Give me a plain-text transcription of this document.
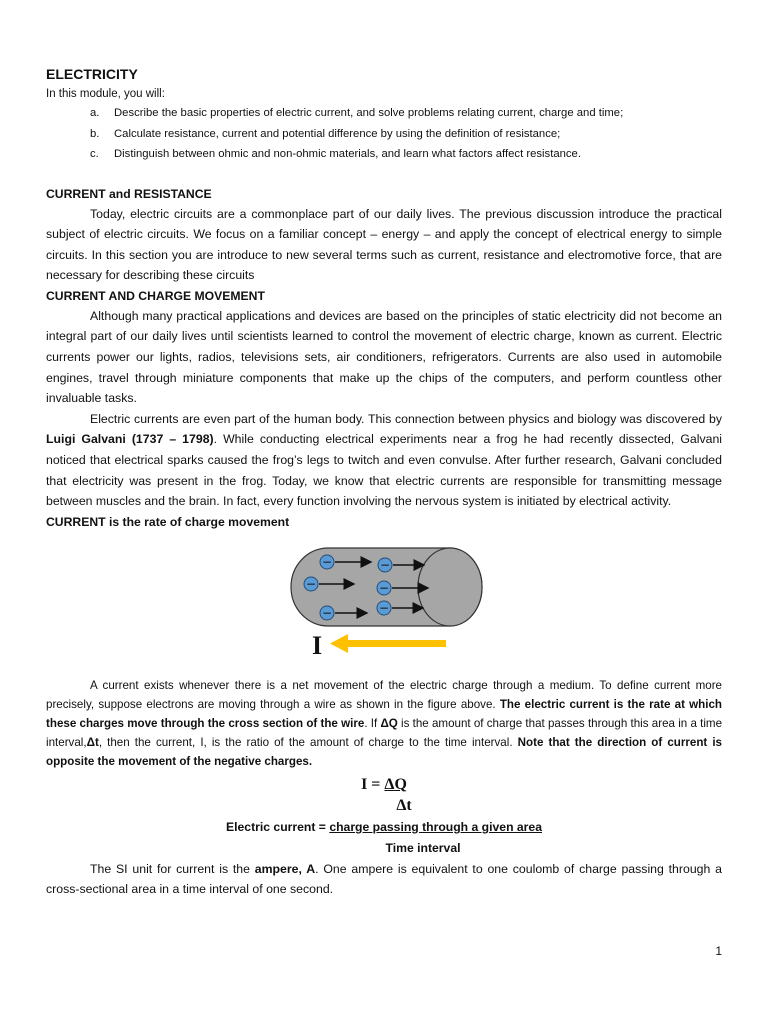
ELECTRICITY

In this module, you will:

a. Describe the basic properties of electric current, and solve problems relating current, charge and time;
b. Calculate resistance, current and potential difference by using the definition of resistance;
c. Distinguish between ohmic and non-ohmic materials, and learn what factors affect resistance.

CURRENT and RESISTANCE

Today, electric circuits are a commonplace part of our daily lives. The previous discussion introduce the practical subject of electric circuits. We focus on a familiar concept – energy – and apply the concept of electrical energy to simple circuits. In this section you are introduce to new several terms such as current, resistance and electromotive force, that are necessary for describing these circuits

CURRENT AND CHARGE MOVEMENT

Although many practical applications and devices are based on the principles of static electricity did not become an integral part of our daily lives until scientists learned to control the movement of electric charge, known as current. Electric currents power our lights, radios, televisions sets, air conditioners, refrigerators. Currents are also used in automobile engines, travel through miniature components that make up the chips of the computers, and perform countless other invaluable tasks.

Electric currents are even part of the human body. This connection between physics and biology was discovered by Luigi Galvani (1737 – 1798). While conducting electrical experiments near a frog he had recently dissected, Galvani noticed that electrical sparks caused the frog’s legs to twitch and even convulse. After further research, Galvani concluded that electricity was present in the frog. Today, we know that electric currents are responsible for transmitting message between muscles and the brain. In fact, every function involving the nervous system is initiated by electrical activity.

CURRENT is the rate of charge movement

−	−
−	−
−
−
I

A current exists whenever there is a net movement of the electric charge through a medium. To define current more precisely, suppose electrons are moving through a wire as shown in the figure above. The electric current is the rate at which these charges move through the cross section of the wire. If ΔQ is the amount of charge that passes through this area in a time interval,Δt, then the current, I, is the ratio of the amount of charge to the time interval. Note that the direction of current is opposite the movement of the negative charges.

I = ΔQ
Δt
Electric current = charge passing through a given area
Time interval

The SI unit for current is the ampere, A. One ampere is equivalent to one coulomb of charge passing through a cross-sectional area in a time interval of one second.

1
